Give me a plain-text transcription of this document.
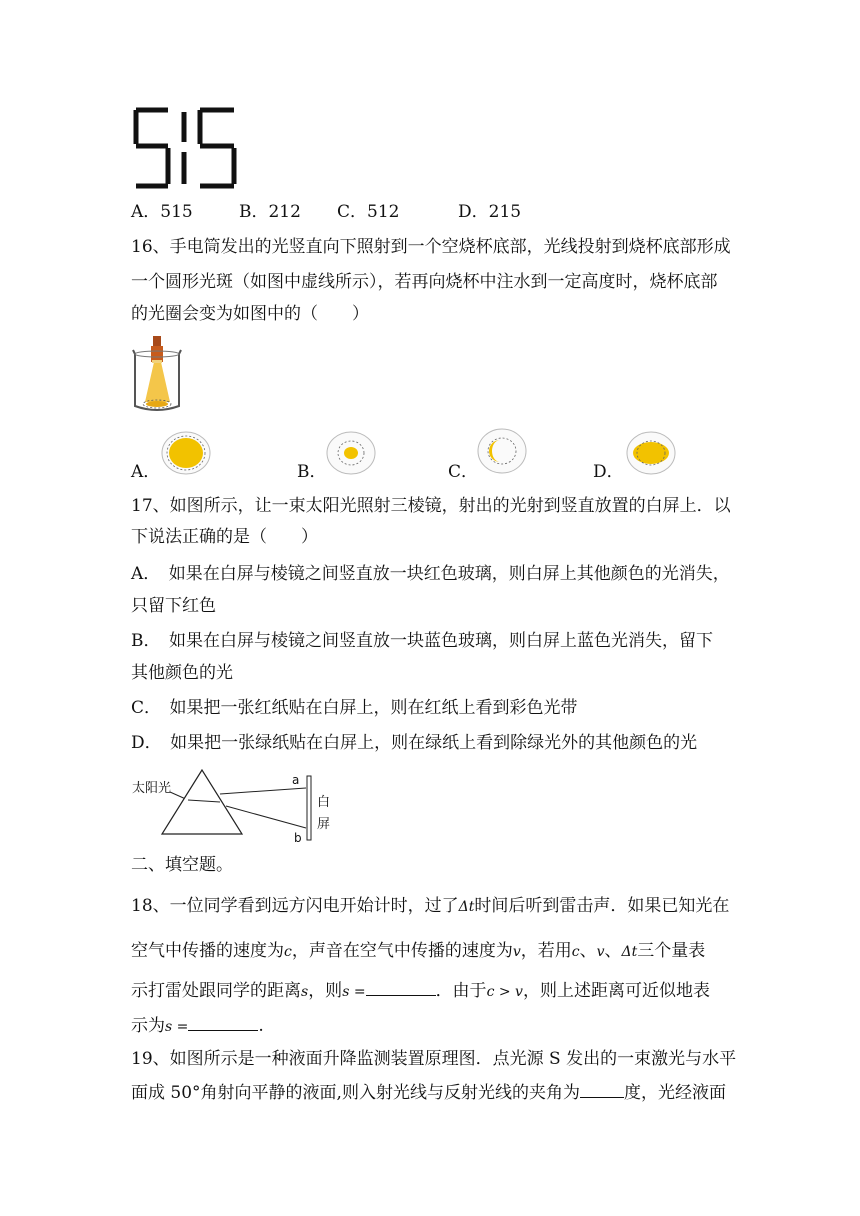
A．515	B．212 C．512	D．215
16、手电筒发出的光竖直向下照射到一个空烧杯底部，光线投射到烧杯底部形成
一个圆形光斑（如图中虚线所示），若再向烧杯中注水到一定高度时，烧杯底部
的光圈会变为如图中的（　　）
A．	B．	C．	D．
17、如图所示，让一束太阳光照射三棱镜，射出的光射到竖直放置的白屏上．以
下说法正确的是（　　）
A．　如果在白屏与棱镜之间竖直放一块红色玻璃，则白屏上其他颜色的光消失，
只留下红色
B．　如果在白屏与棱镜之间竖直放一块蓝色玻璃，则白屏上蓝色光消失，留下
其他颜色的光
C．　如果把一张红纸贴在白屏上，则在红纸上看到彩色光带
D．　如果把一张绿纸贴在白屏上，则在绿纸上看到除绿光外的其他颜色的光
太阳光
a
b
白
屏
二、填空题。
18、一位同学看到远方闪电开始计时，过了Δt时间后听到雷击声．如果已知光在
空气中传播的速度为c，声音在空气中传播的速度为v，若用c、v、Δt三个量表
示打雷处跟同学的距离s，则s =	．由于c > v，则上述距离可近似地表
示为s =	.
19、如图所示是一种液面升降监测装置原理图．点光源 S 发出的一束激光与水平
面成 50°角射向平静的液面,则入射光线与反射光线的夹角为	度，光经液面
